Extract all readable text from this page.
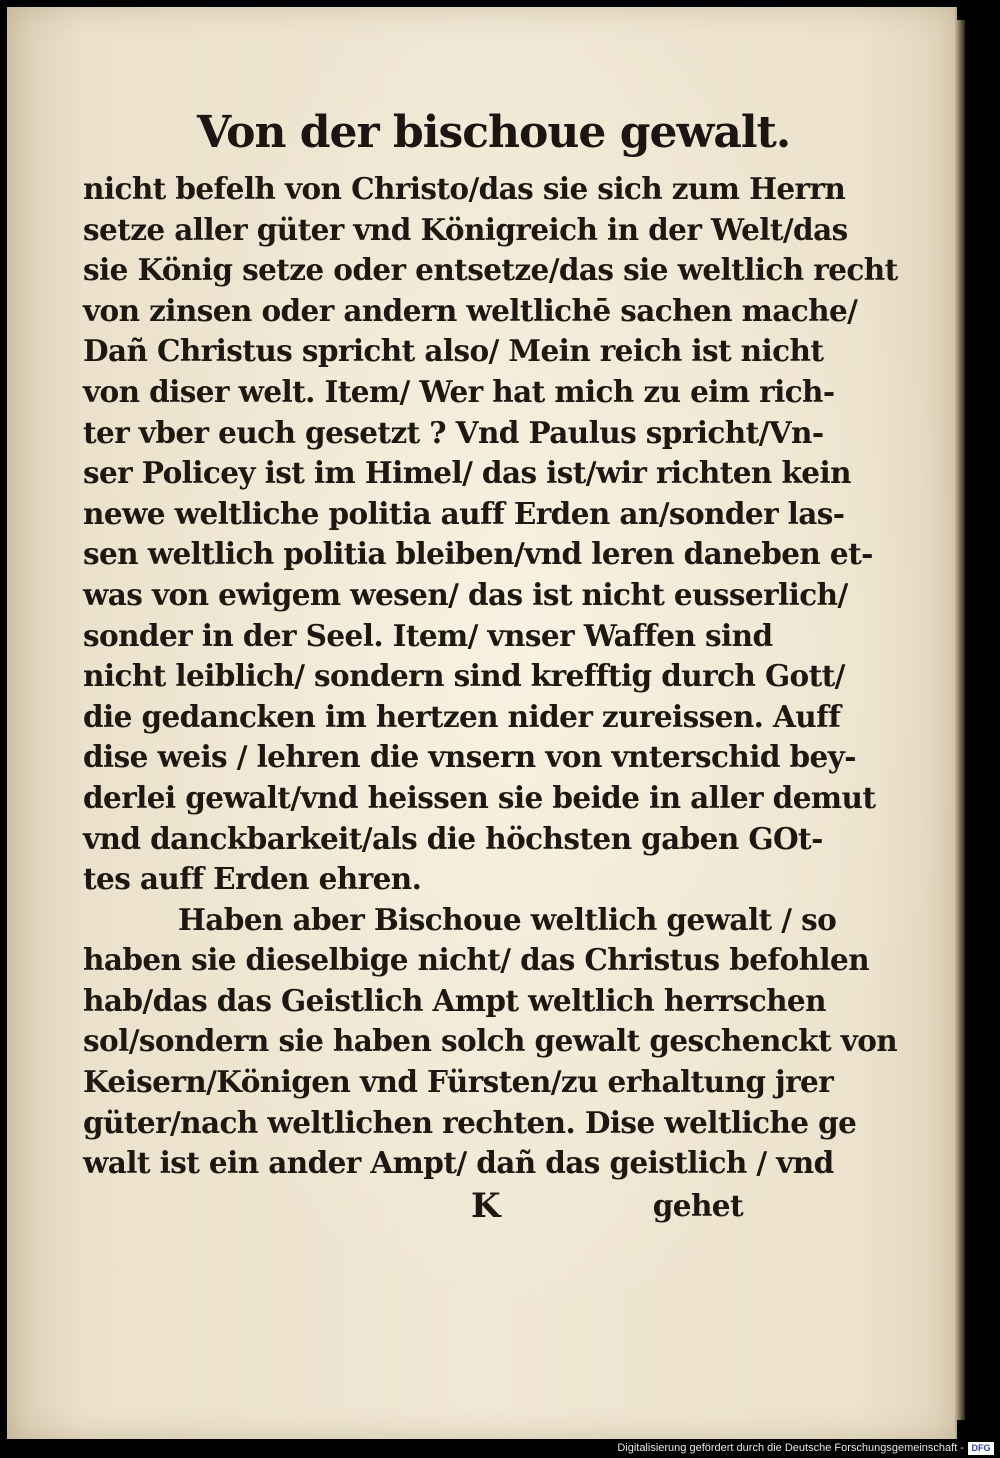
Von der bischoue gewalt.
nicht befelh von Christo/das sie sich zum Herrn
setze aller güter vnd Königreich in der Welt/das
sie König setze oder entsetze/das sie weltlich recht
von zinsen oder andern weltlichē sachen mache/
Dañ Christus spricht also/ Mein reich ist nicht
von diser welt. Item/ Wer hat mich zu eim rich-
ter vber euch gesetzt ? Vnd Paulus spricht/Vn-
ser Policey ist im Himel/ das ist/wir richten kein
newe weltliche politia auff Erden an/sonder las-
sen weltlich politia bleiben/vnd leren daneben et-
was von ewigem wesen/ das ist nicht eusserlich/
sonder in der Seel. Item/ vnser Waffen sind
nicht leiblich/ sondern sind krefftig durch Gott/
die gedancken im hertzen nider zureissen. Auff
dise weis / lehren die vnsern von vnterschid bey-
derlei gewalt/vnd heissen sie beide in aller demut
vnd danckbarkeit/als die höchsten gaben GOt-
tes auff Erden ehren.
Haben aber Bischoue weltlich gewalt / so
haben sie dieselbige nicht/ das Christus befohlen
hab/das das Geistlich Ampt weltlich herrschen
sol/sondern sie haben solch gewalt geschenckt von
Keisern/Königen vnd Fürsten/zu erhaltung jrer
güter/nach weltlichen rechten. Dise weltliche ge
walt ist ein ander Ampt/ dañ das geistlich / vnd
K	gehet
Digitalisierung gefördert durch die Deutsche Forschungsgemeinschaft - DFG
